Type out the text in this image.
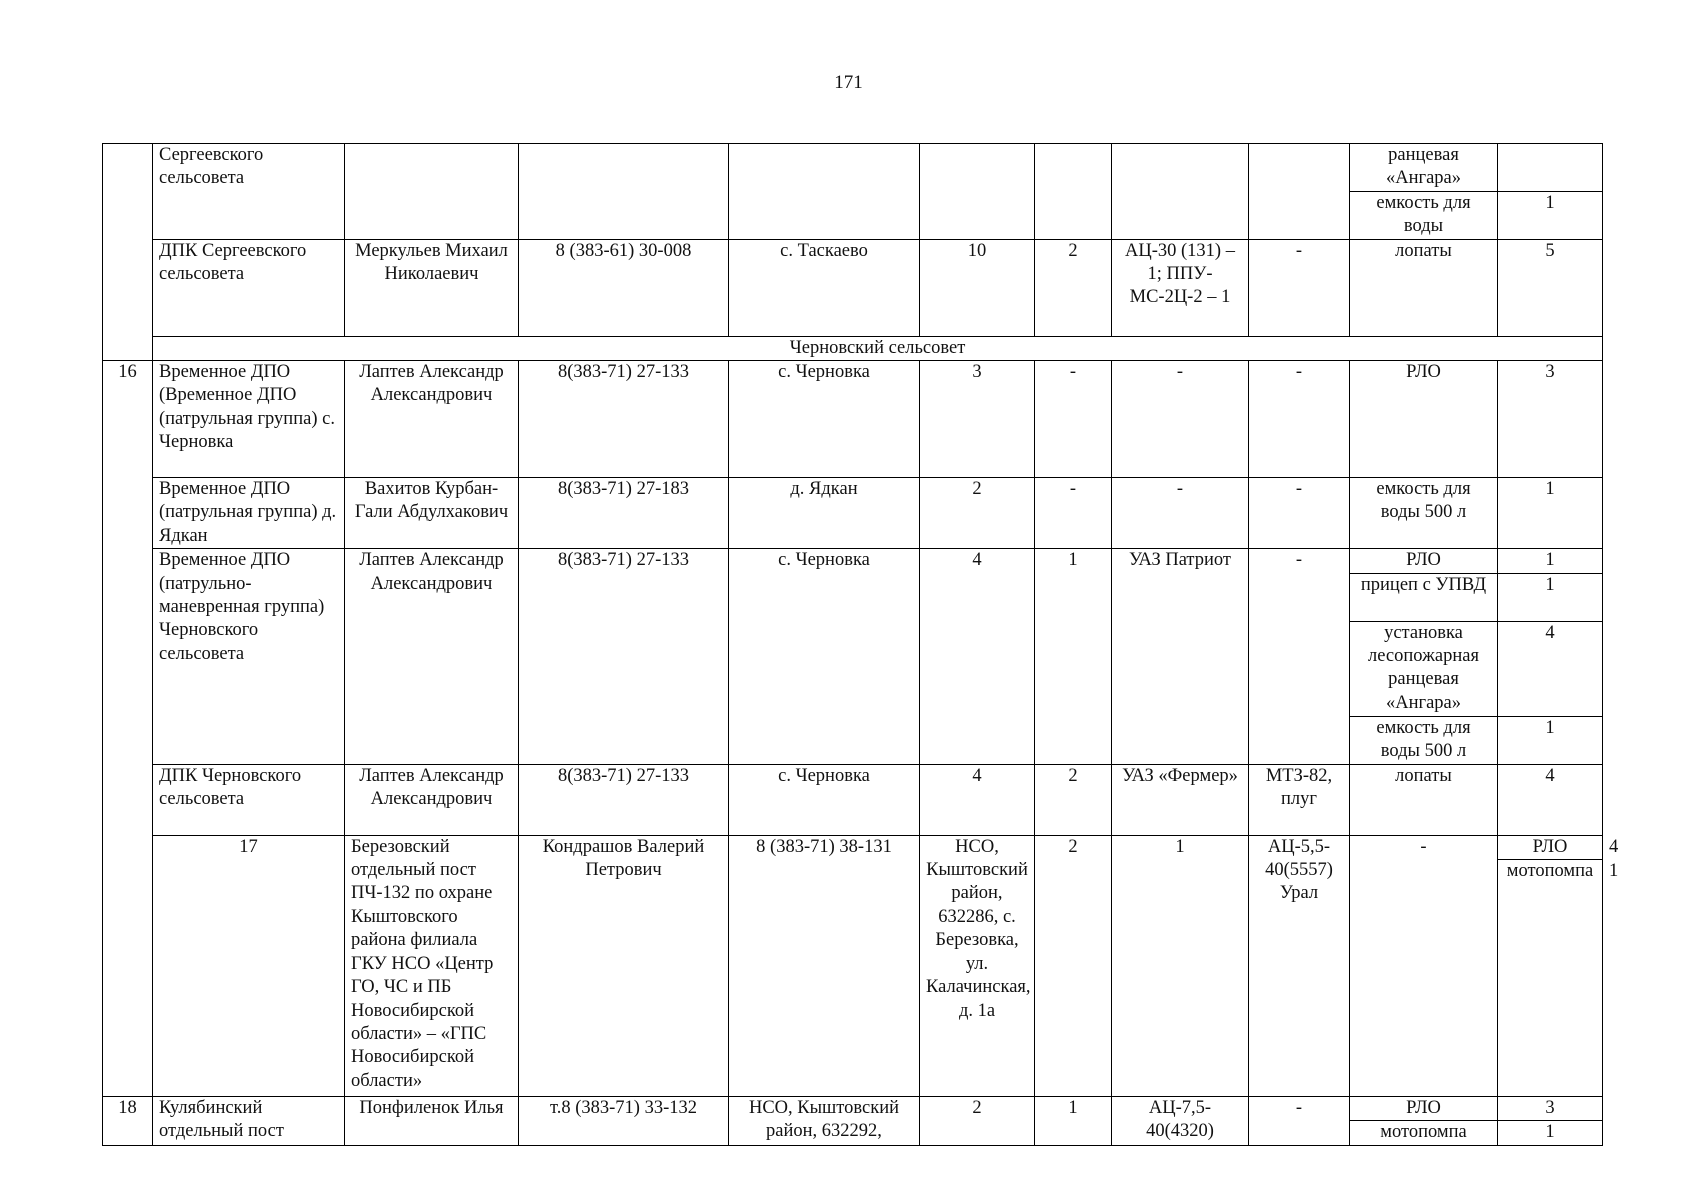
171
	Сергеевского сельсовета								ранцевая «Ангара»		
									емкость для воды	1	
	ДПК Сергеевского сельсовета	Меркульев Михаил Николаевич	8 (383-61) 30-008	с. Таскаево	10	2	АЦ-30 (131) – 1; ППУ-МС-2Ц-2 – 1	-	лопаты	5	
	Черновский сельсовет										
16	Временное ДПО (Временное ДПО (патрульная группа) с. Черновка	Лаптев Александр Александрович	8(383-71) 27-133	с. Черновка	3	-	-	-	РЛО	3	
	Временное ДПО (патрульная группа) д. Ядкан	Вахитов Курбан-Гали Абдулхакович	8(383-71) 27-183	д. Ядкан	2	-	-	-	емкость для воды 500 л	1	
	Временное ДПО (патрульно-маневренная группа) Черновского сельсовета	Лаптев Александр Александрович	8(383-71) 27-133	с. Черновка	4	1	УАЗ Патриот	-	РЛО	1	
									прицеп с УПВД	1	
									установка лесопожарная ранцевая «Ангара»	4	
									емкость для воды 500 л	1	
	ДПК Черновского сельсовета	Лаптев Александр Александрович	8(383-71) 27-133	с. Черновка	4	2	УАЗ «Фермер»	МТЗ-82, плуг	лопаты	4	
	17	Березовский отдельный пост ПЧ-132 по охране Кыштовского района филиала ГКУ НСО «Центр ГО, ЧС и ПБ Новосибирской области» – «ГПС Новосибирской области»	Кондрашов Валерий Петрович	8 (383-71) 38-131	НСО, Кыштовский район, 632286, с. Березовка, ул. Калачинская, д. 1а	2	1	АЦ-5,5-40(5557) Урал	-	РЛО	4
										мотопомпа	1
18	Кулябинский отдельный пост	Понфиленок Илья	т.8 (383-71) 33-132	НСО, Кыштовский район, 632292,	2	1	АЦ-7,5-40(4320)	-	РЛО	3	
									мотопомпа	1	
